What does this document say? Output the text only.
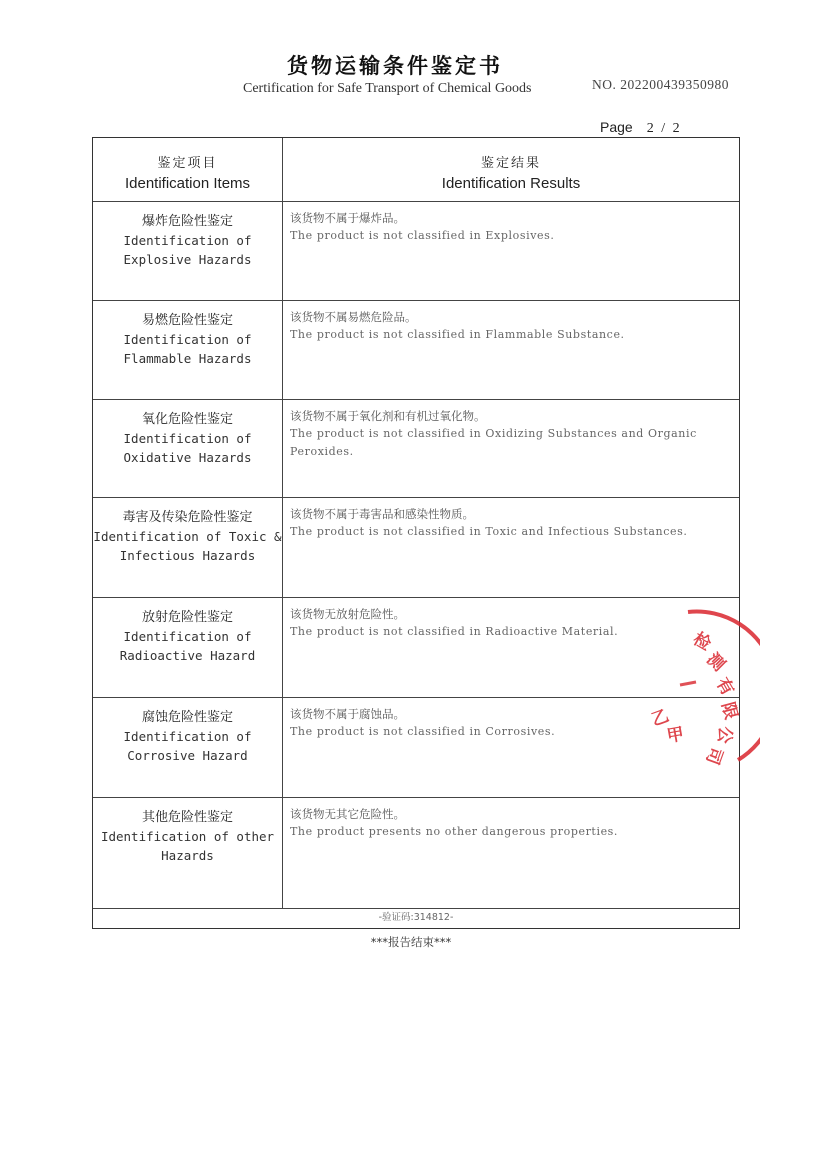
货物运输条件鉴定书
Certification for Safe Transport of Chemical Goods	NO. 202200439350980
Page 2 / 2
鉴定项目
Identification Items
鉴定结果
Identification Results
爆炸危险性鉴定
Identification of
Explosive Hazards
该货物不属于爆炸品。
The product is not classified in Explosives.
易燃危险性鉴定
Identification of
Flammable Hazards
该货物不属易燃危险品。
The product is not classified in Flammable Substance.
氧化危险性鉴定
Identification of
Oxidative Hazards
该货物不属于氧化剂和有机过氧化物。
The product is not classified in Oxidizing Substances and Organic Peroxides.
毒害及传染危险性鉴定
Identification of Toxic &
Infectious Hazards
该货物不属于毒害品和感染性物质。
The product is not classified in Toxic and Infectious Substances.
放射危险性鉴定
Identification of
Radioactive Hazard
该货物无放射危险性。
The product is not classified in Radioactive Material.
腐蚀危险性鉴定
Identification of
Corrosive Hazard
该货物不属于腐蚀品。
The product is not classified in Corrosives.
其他危险性鉴定
Identification of other
Hazards
该货物无其它危险性。
The product presents no other dangerous properties.
-验证码:314812-
***报告结束***
检
测
有
限
公
司
甲
乙
